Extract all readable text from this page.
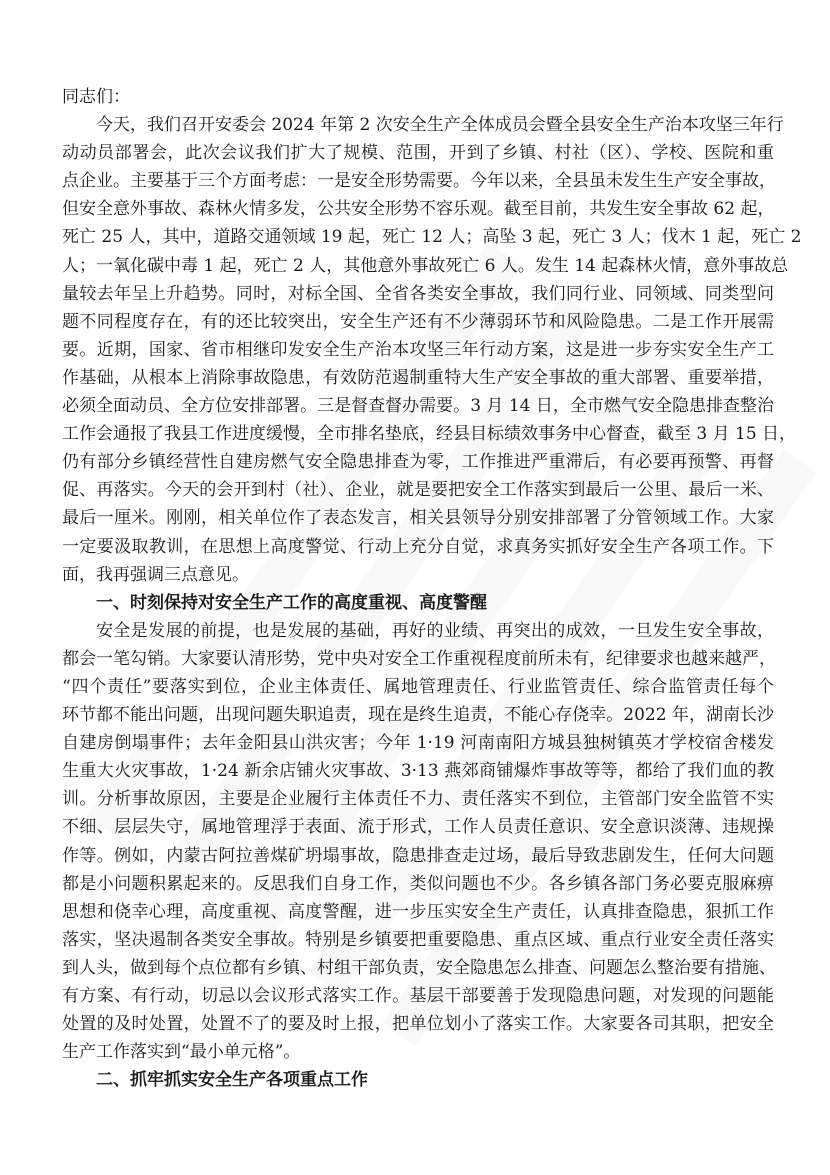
同志们：
今天，我们召开安委会 2024 年第 2 次安全生产全体成员会暨全县安全生产治本攻坚三年行
动动员部署会，此次会议我们扩大了规模、范围，开到了乡镇、村社（区）、学校、医院和重
点企业。主要基于三个方面考虑：一是安全形势需要。今年以来，全县虽未发生生产安全事故，
但安全意外事故、森林火情多发，公共安全形势不容乐观。截至目前，共发生安全事故 62 起，
死亡 25 人，其中，道路交通领域 19 起，死亡 12 人；高坠 3 起，死亡 3 人；伐木 1 起，死亡 2
人；一氧化碳中毒 1 起，死亡 2 人，其他意外事故死亡 6 人。发生 14 起森林火情，意外事故总
量较去年呈上升趋势。同时，对标全国、全省各类安全事故，我们同行业、同领域、同类型问
题不同程度存在，有的还比较突出，安全生产还有不少薄弱环节和风险隐患。二是工作开展需
要。近期，国家、省市相继印发安全生产治本攻坚三年行动方案，这是进一步夯实安全生产工
作基础，从根本上消除事故隐患，有效防范遏制重特大生产安全事故的重大部署、重要举措，
必须全面动员、全方位安排部署。三是督查督办需要。3 月 14 日，全市燃气安全隐患排查整治
工作会通报了我县工作进度缓慢，全市排名垫底，经县目标绩效事务中心督查，截至 3 月 15 日，
仍有部分乡镇经营性自建房燃气安全隐患排查为零，工作推进严重滞后，有必要再预警、再督
促、再落实。今天的会开到村（社）、企业，就是要把安全工作落实到最后一公里、最后一米、
最后一厘米。刚刚，相关单位作了表态发言，相关县领导分别安排部署了分管领域工作。大家
一定要汲取教训，在思想上高度警觉、行动上充分自觉，求真务实抓好安全生产各项工作。下
面，我再强调三点意见。
一、时刻保持对安全生产工作的高度重视、高度警醒
安全是发展的前提，也是发展的基础，再好的业绩、再突出的成效，一旦发生安全事故，
都会一笔勾销。大家要认清形势，党中央对安全工作重视程度前所未有，纪律要求也越来越严，
“四个责任”要落实到位，企业主体责任、属地管理责任、行业监管责任、综合监管责任每个
环节都不能出问题，出现问题失职追责，现在是终生追责，不能心存侥幸。2022 年，湖南长沙
自建房倒塌事件；去年金阳县山洪灾害；今年 1·19 河南南阳方城县独树镇英才学校宿舍楼发
生重大火灾事故，1·24 新余店铺火灾事故、3·13 燕郊商铺爆炸事故等等，都给了我们血的教
训。分析事故原因，主要是企业履行主体责任不力、责任落实不到位，主管部门安全监管不实
不细、层层失守，属地管理浮于表面、流于形式，工作人员责任意识、安全意识淡薄、违规操
作等。例如，内蒙古阿拉善煤矿坍塌事故，隐患排查走过场，最后导致悲剧发生，任何大问题
都是小问题积累起来的。反思我们自身工作，类似问题也不少。各乡镇各部门务必要克服麻痹
思想和侥幸心理，高度重视、高度警醒，进一步压实安全生产责任，认真排查隐患，狠抓工作
落实，坚决遏制各类安全事故。特别是乡镇要把重要隐患、重点区域、重点行业安全责任落实
到人头，做到每个点位都有乡镇、村组干部负责，安全隐患怎么排查、问题怎么整治要有措施、
有方案、有行动，切忌以会议形式落实工作。基层干部要善于发现隐患问题，对发现的问题能
处置的及时处置，处置不了的要及时上报，把单位划小了落实工作。大家要各司其职，把安全
生产工作落实到“最小单元格”。
二、抓牢抓实安全生产各项重点工作
